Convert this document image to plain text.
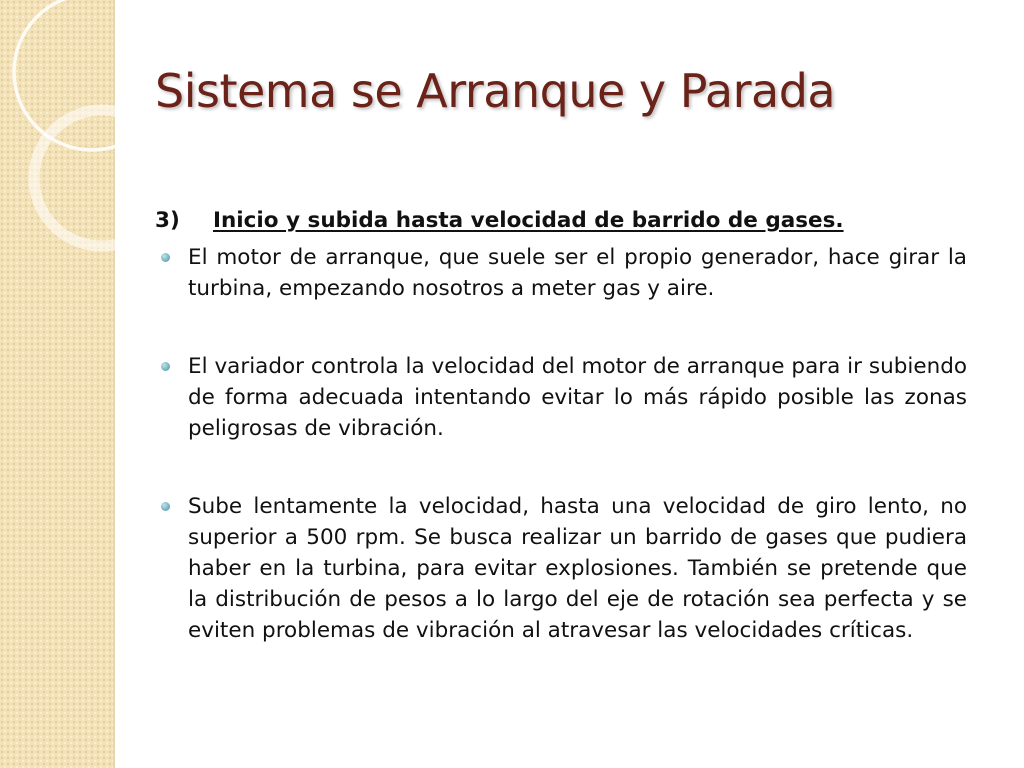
Sistema se Arranque y Parada
3)	Inicio y subida hasta velocidad de barrido de gases.
El motor de arranque, que suele ser el propio generador, hace girar la turbina, empezando nosotros a meter gas y aire.
El variador controla la velocidad del motor de arranque para ir subiendo de forma adecuada intentando evitar lo más rápido posible las zonas peligrosas de vibración.
Sube lentamente la velocidad, hasta una velocidad de giro lento, no superior a 500 rpm. Se busca realizar un barrido de gases que pudiera haber en la turbina, para evitar explosiones. También se pretende que la distribución de pesos a lo largo del eje de rotación sea perfecta y se eviten problemas de vibración al atravesar las velocidades críticas.
